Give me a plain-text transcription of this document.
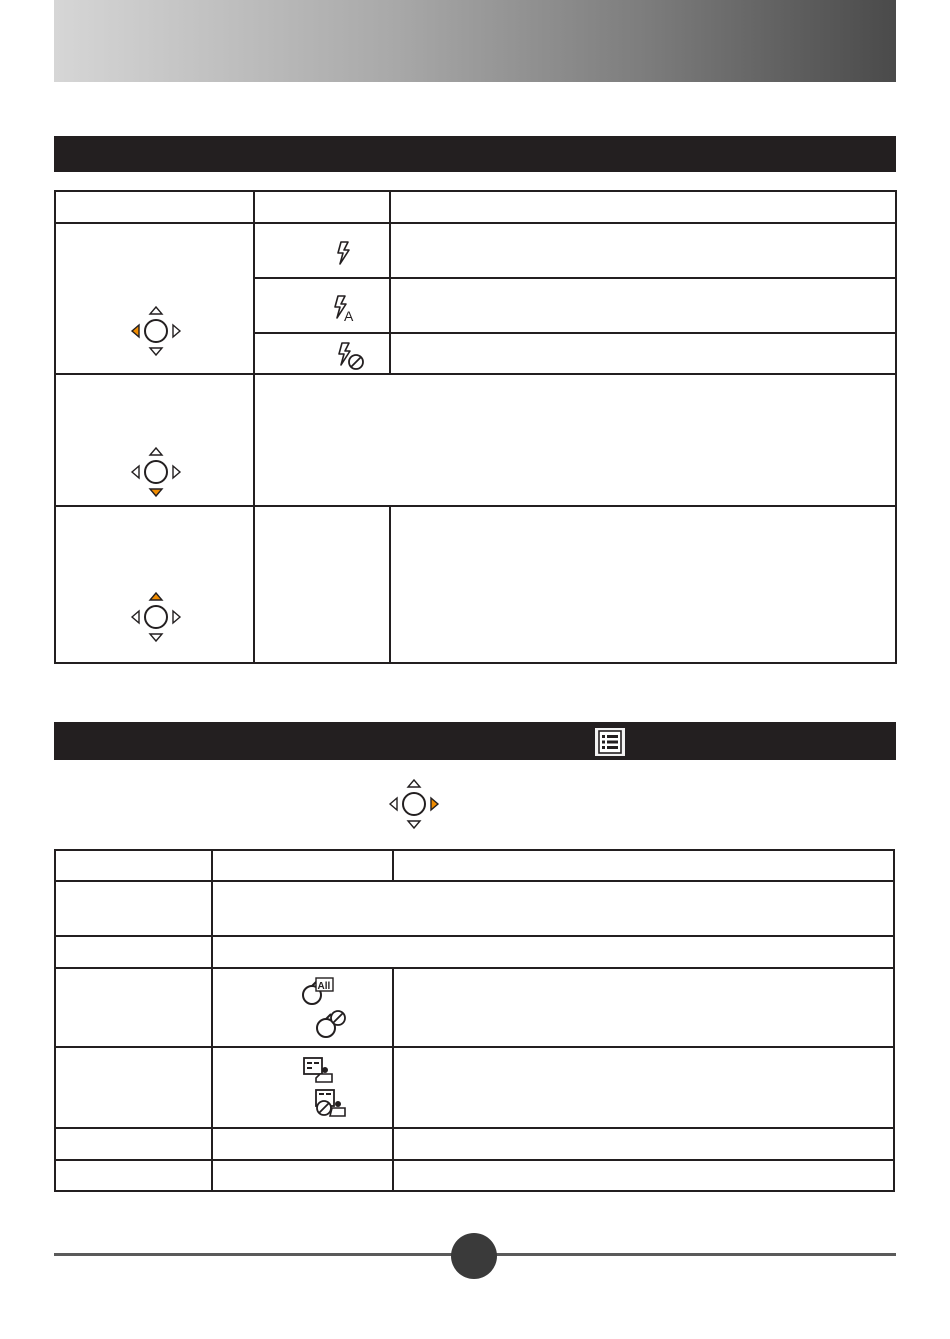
A
All
